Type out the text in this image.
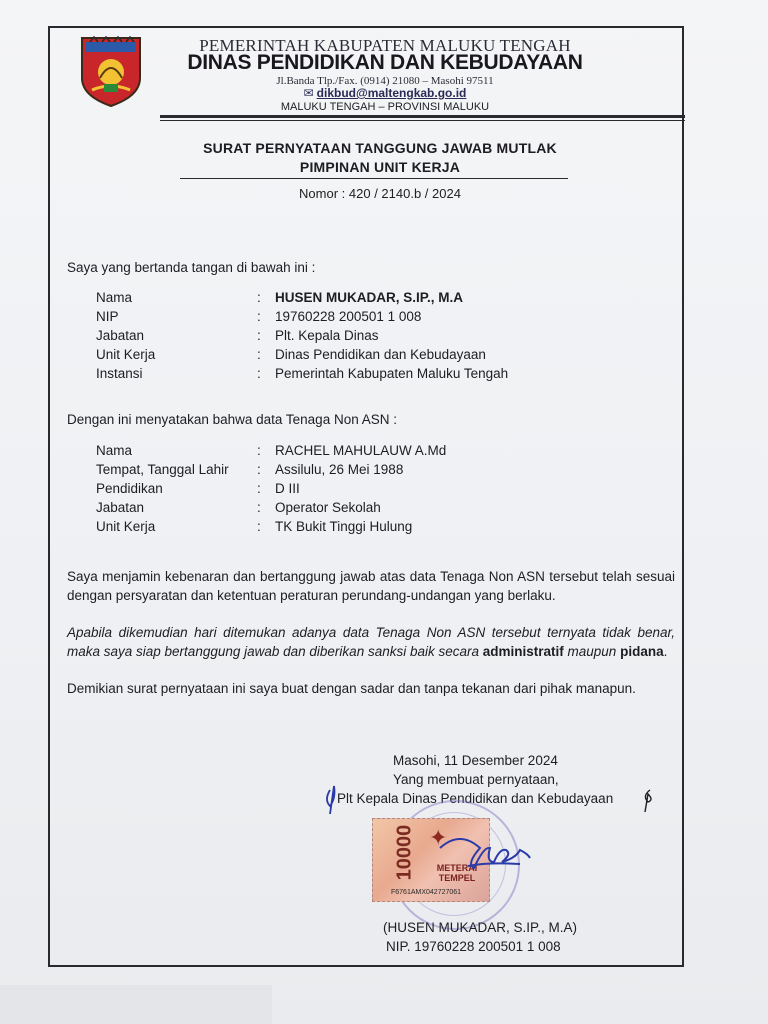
PEMERINTAH KABUPATEN MALUKU TENGAH
DINAS PENDIDIKAN DAN KEBUDAYAAN
Jl.Banda Tlp./Fax. (0914) 21080 – Masohi 97511
✉ dikbud@maltengkab.go.id
MALUKU TENGAH – PROVINSI MALUKU
SURAT PERNYATAAN TANGGUNG JAWAB MUTLAK
PIMPINAN UNIT KERJA
Nomor : 420 / 2140.b / 2024
Saya yang bertanda tangan di bawah ini :
Nama	: HUSEN MUKADAR, S.IP., M.A
NIP	: 19760228 200501 1 008
Jabatan	: Plt. Kepala Dinas
Unit Kerja	: Dinas Pendidikan dan Kebudayaan
Instansi	: Pemerintah Kabupaten Maluku Tengah
Dengan ini menyatakan bahwa data Tenaga Non ASN :
Nama	: RACHEL MAHULAUW A.Md
Tempat, Tanggal Lahir : Assilulu, 26 Mei 1988
Pendidikan	: D III
Jabatan	: Operator Sekolah
Unit Kerja	: TK Bukit Tinggi Hulung
Saya menjamin kebenaran dan bertanggung jawab atas data Tenaga Non ASN tersebut telah sesuai dengan persyaratan dan ketentuan peraturan perundang-undangan yang berlaku.
Apabila dikemudian hari ditemukan adanya data Tenaga Non ASN tersebut ternyata tidak benar, maka saya siap bertanggung jawab dan diberikan sanksi baik secara administratif maupun pidana.
Demikian surat pernyataan ini saya buat dengan sadar dan tanpa tekanan dari pihak manapun.
Masohi, 11 Desember 2024
Yang membuat pernyataan,
Plt Kepala Dinas Pendidikan dan Kebudayaan
10000 ✦
METERAI
TEMPEL
F6761AMX042727061
(HUSEN MUKADAR, S.IP., M.A)
NIP. 19760228 200501 1 008
